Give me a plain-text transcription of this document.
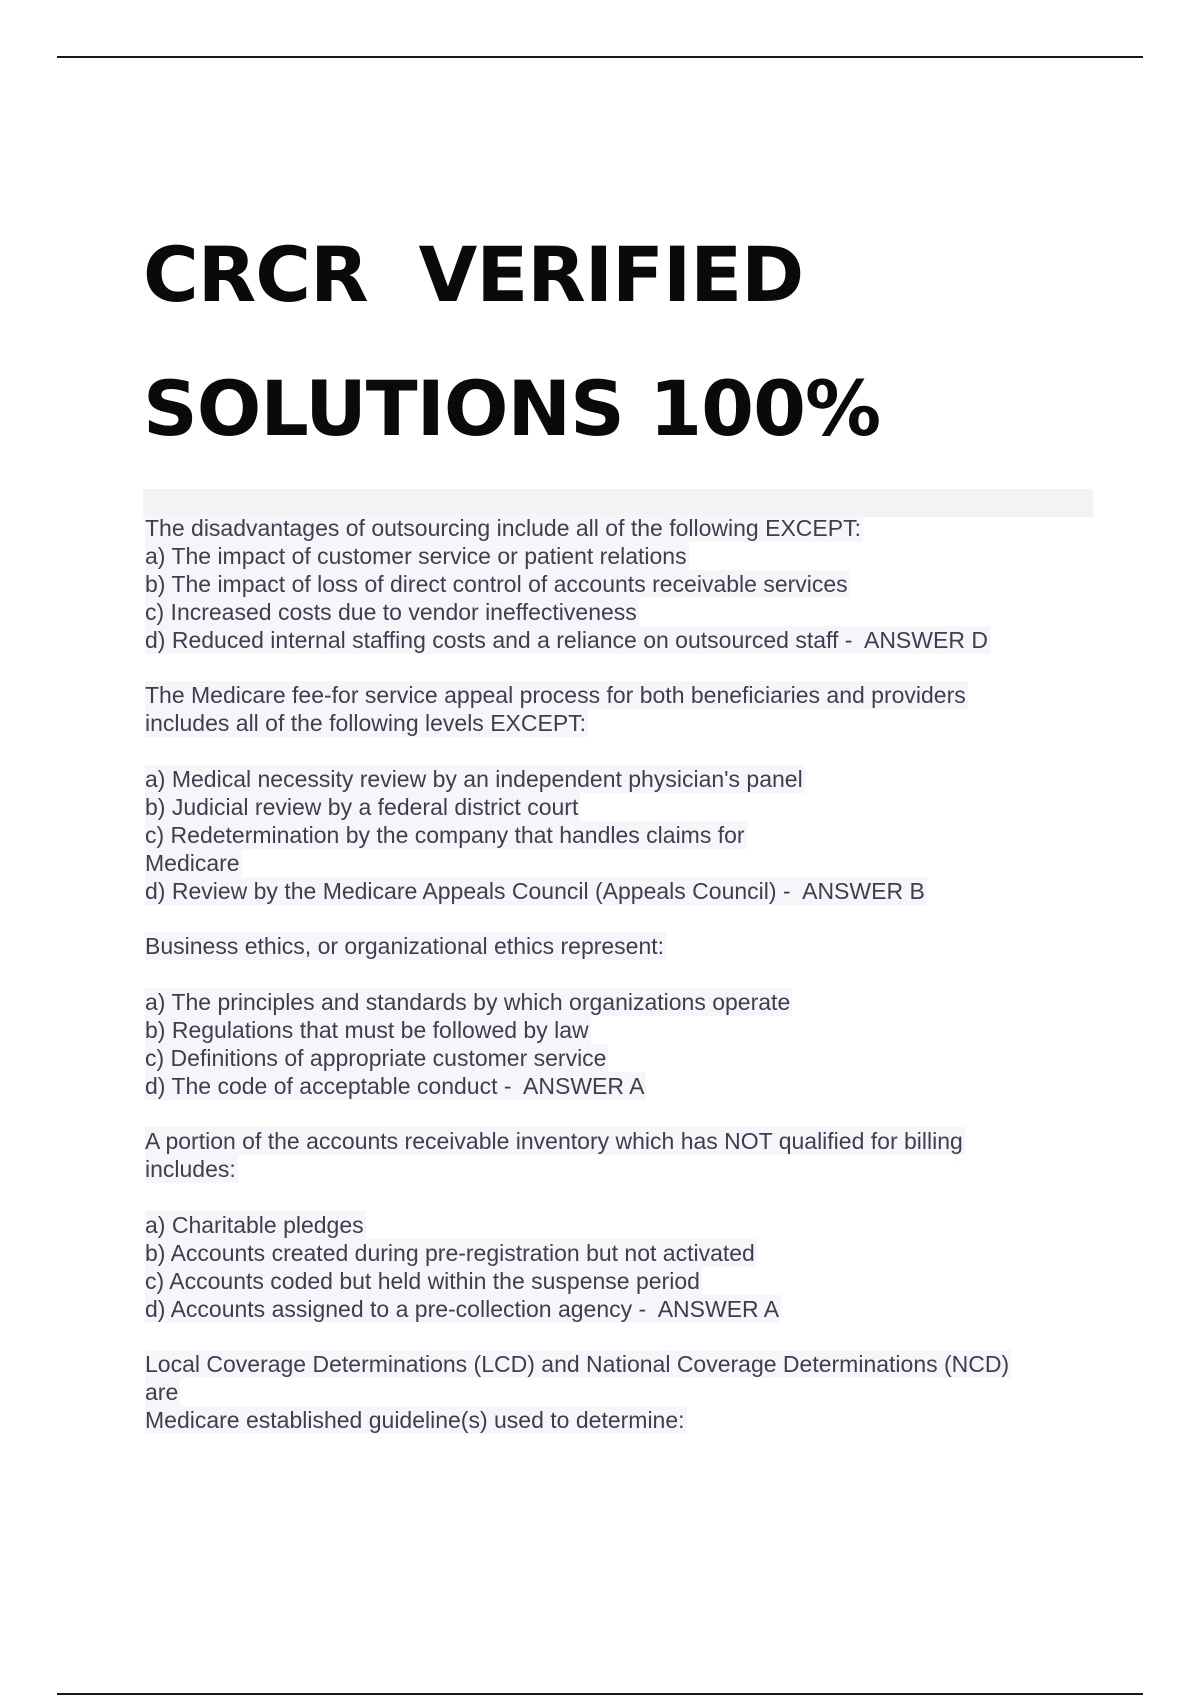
CRCR  VERIFIED
SOLUTIONS 100%

The disadvantages of outsourcing include all of the following EXCEPT:

a) The impact of customer service or patient relations

b) The impact of loss of direct control of accounts receivable services

c) Increased costs due to vendor ineffectiveness

d) Reduced internal staffing costs and a reliance on outsourced staff -  ANSWER D

The Medicare fee-for service appeal process for both beneficiaries and providers

includes all of the following levels EXCEPT:

a) Medical necessity review by an independent physician's panel

b) Judicial review by a federal district court

c) Redetermination by the company that handles claims for

Medicare

d) Review by the Medicare Appeals Council (Appeals Council) -  ANSWER B

Business ethics, or organizational ethics represent:

a) The principles and standards by which organizations operate

b) Regulations that must be followed by law

c) Definitions of appropriate customer service

d) The code of acceptable conduct -  ANSWER A

A portion of the accounts receivable inventory which has NOT qualified for billing

includes:

a) Charitable pledges

b) Accounts created during pre-registration but not activated

c) Accounts coded but held within the suspense period

d) Accounts assigned to a pre-collection agency -  ANSWER A

Local Coverage Determinations (LCD) and National Coverage Determinations (NCD)

are

Medicare established guideline(s) used to determine:
